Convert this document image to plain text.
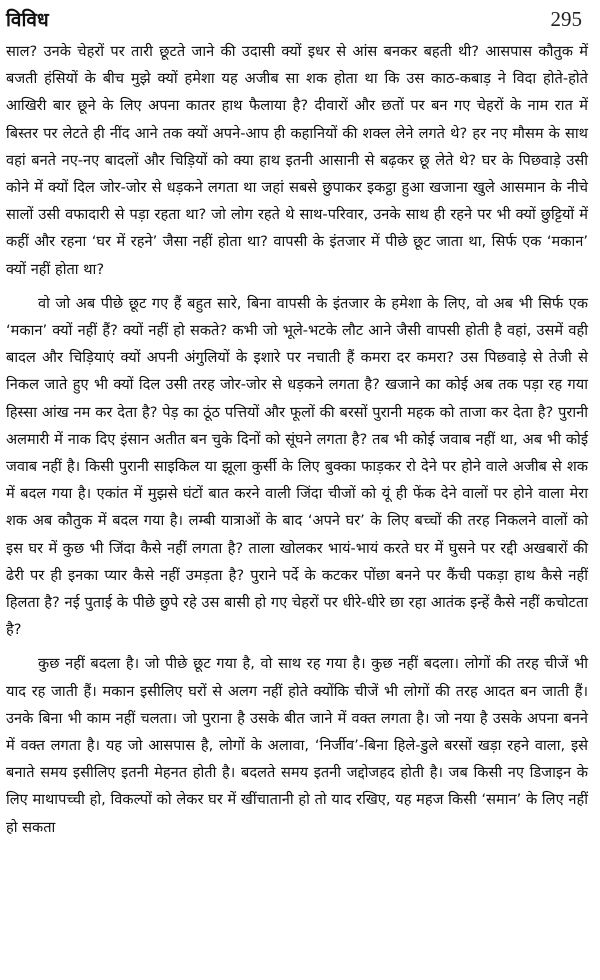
विविध	295

साल? उनके चेहरों पर तारी छूटते जाने की उदासी क्यों इधर से आंस बनकर बहती थी? आसपास कौतुक में बजती हंसियों के बीच मुझे क्यों हमेशा यह अजीब सा शक होता था कि उस काठ-कबाड़ ने विदा होते-होते आखिरी बार छूने के लिए अपना कातर हाथ फैलाया है? दीवारों और छतों पर बन गए चेहरों के नाम रात में बिस्तर पर लेटते ही नींद आने तक क्यों अपने-आप ही कहानियों की शक्ल लेने लगते थे? हर नए मौसम के साथ वहां बनते नए-नए बादलों और चिड़ियों को क्या हाथ इतनी आसानी से बढ़कर छू लेते थे? घर के पिछवाड़े उसी कोने में क्यों दिल जोर-जोर से धड़कने लगता था जहां सबसे छुपाकर इकट्ठा हुआ खजाना खुले आसमान के नीचे सालों उसी वफादारी से पड़ा रहता था? जो लोग रहते थे साथ-परिवार, उनके साथ ही रहने पर भी क्यों छुट्टियों में कहीं और रहना ‘घर में रहने’ जैसा नहीं होता था? वापसी के इंतजार में पीछे छूट जाता था, सिर्फ एक ‘मकान’ क्यों नहीं होता था?

वो जो अब पीछे छूट गए हैं बहुत सारे, बिना वापसी के इंतजार के हमेशा के लिए, वो अब भी सिर्फ एक ‘मकान’ क्यों नहीं हैं? क्यों नहीं हो सकते? कभी जो भूले-भटके लौट आने जैसी वापसी होती है वहां, उसमें वही बादल और चिड़ियाएं क्यों अपनी अंगुलियों के इशारे पर नचाती हैं कमरा दर कमरा? उस पिछवाड़े से तेजी से निकल जाते हुए भी क्यों दिल उसी तरह जोर-जोर से धड़कने लगता है? खजाने का कोई अब तक पड़ा रह गया हिस्सा आंख नम कर देता है? पेड़ का ठूंठ पत्तियों और फूलों की बरसों पुरानी महक को ताजा कर देता है? पुरानी अलमारी में नाक दिए इंसान अतीत बन चुके दिनों को सूंघने लगता है? तब भी कोई जवाब नहीं था, अब भी कोई जवाब नहीं है। किसी पुरानी साइकिल या झूला कुर्सी के लिए बुक्का फाड़कर रो देने पर होने वाले अजीब से शक में बदल गया है। एकांत में मुझसे घंटों बात करने वाली जिंदा चीजों को यूं ही फेंक देने वालों पर होने वाला मेरा शक अब कौतुक में बदल गया है। लम्बी यात्राओं के बाद ‘अपने घर’ के लिए बच्चों की तरह निकलने वालों को इस घर में कुछ भी जिंदा कैसे नहीं लगता है? ताला खोलकर भायं-भायं करते घर में घुसने पर रद्दी अखबारों की ढेरी पर ही इनका प्यार कैसे नहीं उमड़ता है? पुराने पर्दे के कटकर पोंछा बनने पर कैंची पकड़ा हाथ कैसे नहीं हिलता है? नई पुताई के पीछे छुपे रहे उस बासी हो गए चेहरों पर धीरे-धीरे छा रहा आतंक इन्हें कैसे नहीं कचोटता है?

कुछ नहीं बदला है। जो पीछे छूट गया है, वो साथ रह गया है। कुछ नहीं बदला। लोगों की तरह चीजें भी याद रह जाती हैं। मकान इसीलिए घरों से अलग नहीं होते क्योंकि चीजें भी लोगों की तरह आदत बन जाती हैं। उनके बिना भी काम नहीं चलता। जो पुराना है उसके बीत जाने में वक्त लगता है। जो नया है उसके अपना बनने में वक्त लगता है। यह जो आसपास है, लोगों के अलावा, ‘निर्जीव’-बिना हिले-डुले बरसों खड़ा रहने वाला, इसे बनाते समय इसीलिए इतनी मेहनत होती है। बदलते समय इतनी जद्दोजहद होती है। जब किसी नए डिजाइन के लिए माथापच्ची हो, विकल्पों को लेकर घर में खींचातानी हो तो याद रखिए, यह महज किसी ‘समान’ के लिए नहीं हो सकता
